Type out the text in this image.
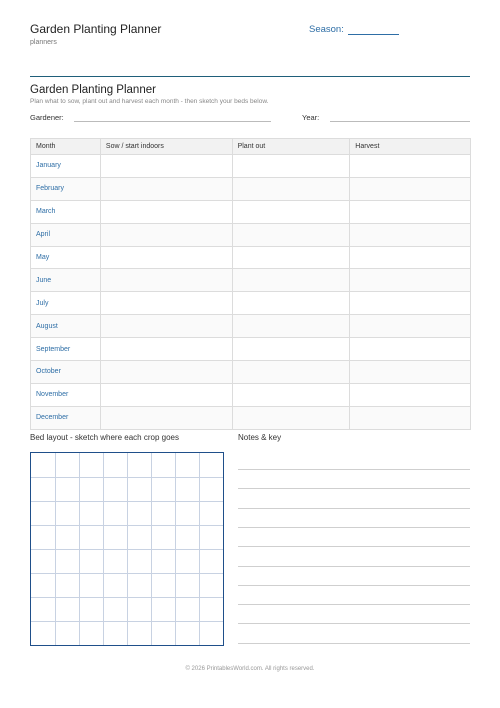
Garden Planting Planner
planners
Season:
Garden Planting Planner
Plan what to sow, plant out and harvest each month - then sketch your beds below.
Gardener:	Year:
Month	Sow / start indoors	Plant out	Harvest
January			
February			
March			
April			
May			
June			
July			
August			
September			
October			
November			
December			
Bed layout - sketch where each crop goes	Notes & key
© 2026 PrintablesWorld.com. All rights reserved.
